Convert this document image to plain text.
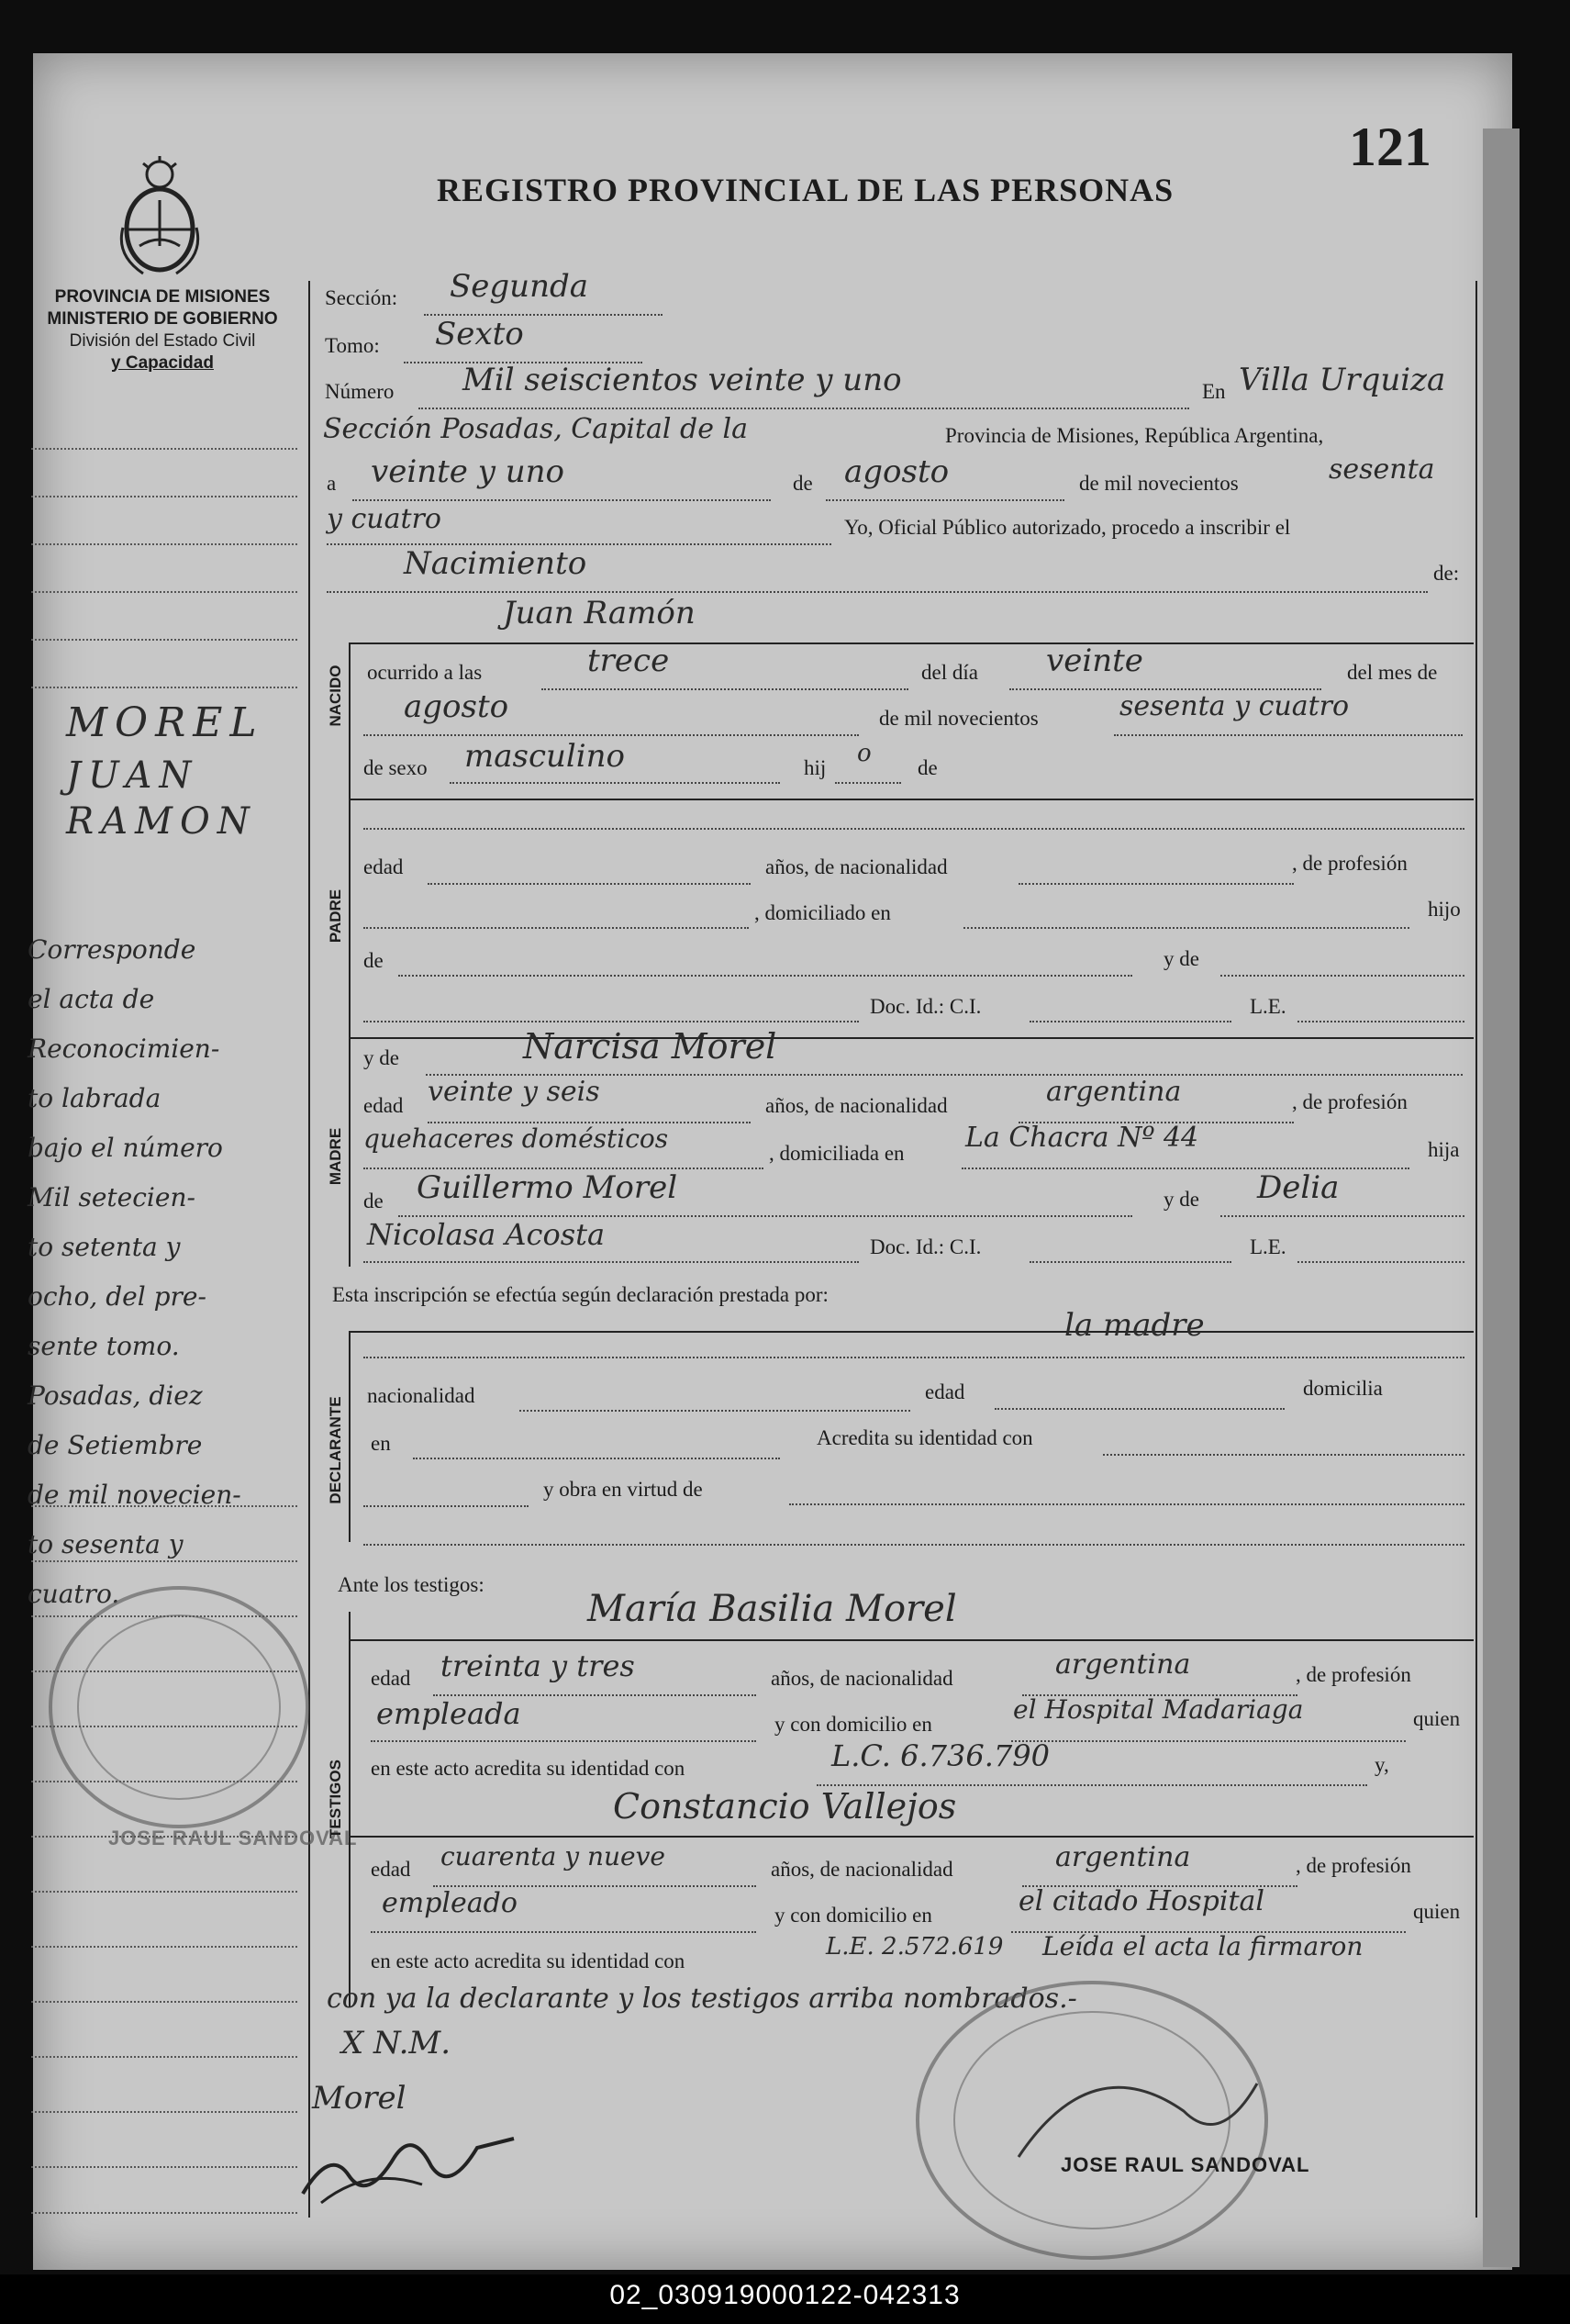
REGISTRO PROVINCIAL DE LAS PERSONAS
121
PROVINCIA DE MISIONES
MINISTERIO DE GOBIERNO
División del Estado Civil
y Capacidad
MOREL
JUAN
RAMON
Corresponde
el acta de
Reconocimien-
to labrada
bajo el número
Mil setecien-
to setenta y
ocho, del pre-
sente tomo.
Posadas, diez
de Setiembre
de mil novecien-
to sesenta y
cuatro.
JOSE RAUL SANDOVAL
Sección: Segunda
Tomo: Sexto
Número Mil seiscientos veinte y uno	En Villa Urquiza
Sección Posadas, Capital de la	Provincia de Misiones, República Argentina,
a veinte y uno	de agosto	de mil novecientos	sesenta
y cuatro	Yo, Oficial Público autorizado, procedo a inscribir el
Nacimiento	de:
Juan Ramón
NACIDO ocurrido a las	trece	del día veinte	del mes de
agosto	de mil novecientos	sesenta y cuatro
de sexo masculino	hij
o
de
PADRE
edad	años, de nacionalidad	, de profesión
, domiciliado en	hijo
de	y de
Doc. Id.: C.I.	L.E.
MADRE
y de	Narcisa Morel
edad veinte y seis	años, de nacionalidad	argentina	, de profesión
quehaceres domésticos	, domiciliada en La Chacra Nº 44	hija
de Guillermo Morel	y de Delia
Nicolasa Acosta	Doc. Id.: C.I.	L.E.
Esta inscripción se efectúa según declaración prestada por:
DECLARANTE
la madre
nacionalidad	edad	domicilia
en	Acredita su identidad con
y obra en virtud de
Ante los testigos:
TESTIGOS
María Basilia Morel
edad treinta y tres	años, de nacionalidad	argentina	, de profesión
empleada	y con domicilio en	el Hospital Madariaga	quien
en este acto acredita su identidad con	L.C. 6.736.790	y,
Constancio Vallejos
edad cuarenta y nueve	años, de nacionalidad	argentina	, de profesión
empleado	y con domicilio en	el citado Hospital	quien
en este acto acredita su identidad con
L.E. 2.572.619 Leída el acta la firmaron
con ya la declarante y los testigos arriba nombrados.-
X N.M.
Morel
JOSE RAUL SANDOVAL
02_030919000122-042313
